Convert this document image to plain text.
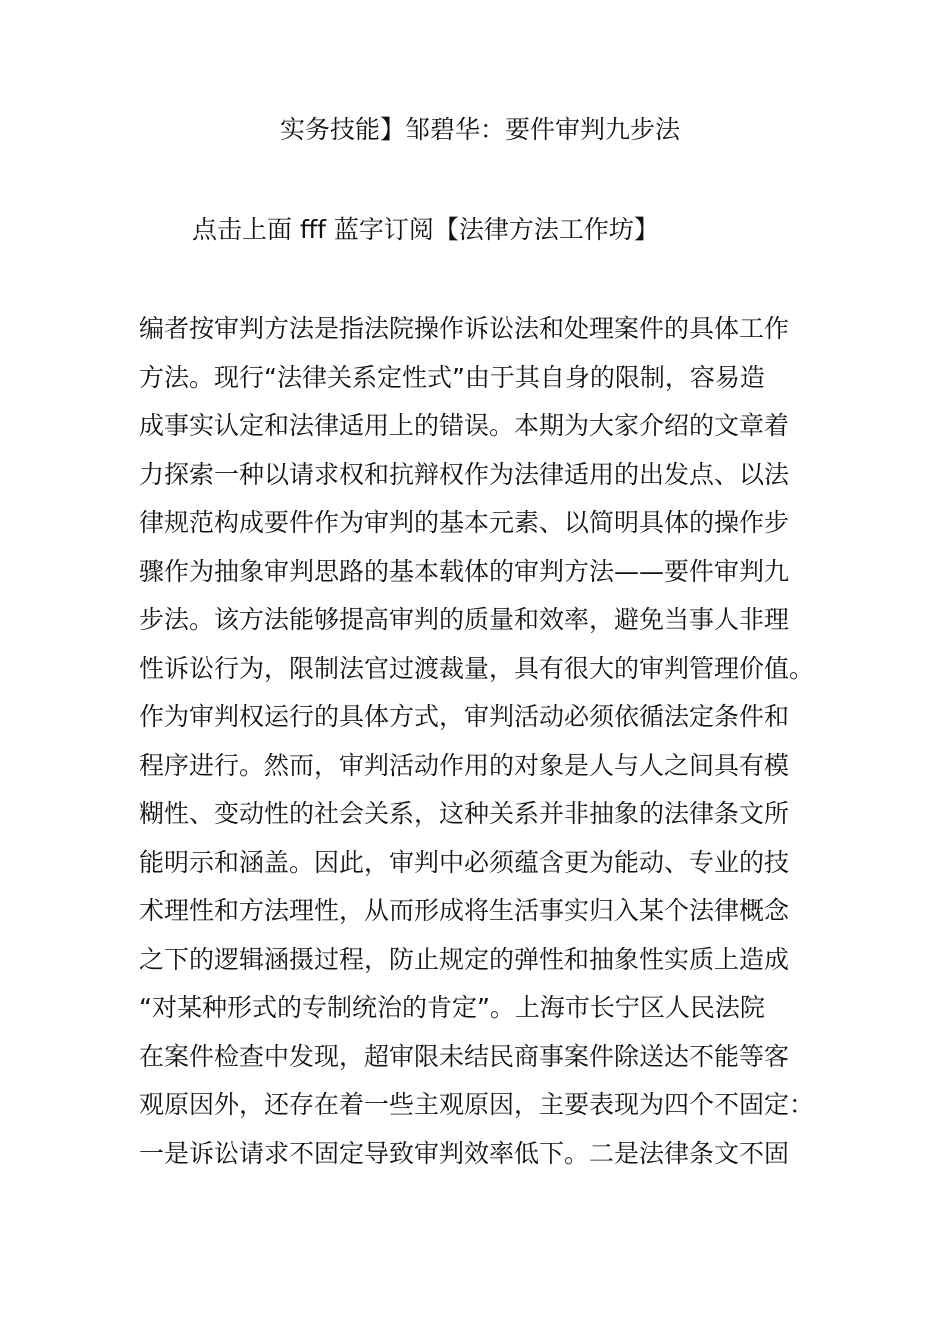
实务技能】邹碧华：要件审判九步法
点击上面 fff 蓝字订阅【法律方法工作坊】
编者按审判方法是指法院操作诉讼法和处理案件的具体工作
方法。现行“法律关系定性式”由于其自身的限制，容易造
成事实认定和法律适用上的错误。本期为大家介绍的文章着
力探索一种以请求权和抗辩权作为法律适用的出发点、以法
律规范构成要件作为审判的基本元素、以简明具体的操作步
骤作为抽象审判思路的基本载体的审判方法——要件审判九
步法。该方法能够提高审判的质量和效率，避免当事人非理
性诉讼行为，限制法官过渡裁量，具有很大的审判管理价值。
作为审判权运行的具体方式，审判活动必须依循法定条件和
程序进行。然而，审判活动作用的对象是人与人之间具有模
糊性、变动性的社会关系，这种关系并非抽象的法律条文所
能明示和涵盖。因此，审判中必须蕴含更为能动、专业的技
术理性和方法理性，从而形成将生活事实归入某个法律概念
之下的逻辑涵摄过程，防止规定的弹性和抽象性实质上造成
“对某种形式的专制统治的肯定”。上海市长宁区人民法院
在案件检查中发现，超审限未结民商事案件除送达不能等客
观原因外，还存在着一些主观原因，主要表现为四个不固定：
一是诉讼请求不固定导致审判效率低下。二是法律条文不固
